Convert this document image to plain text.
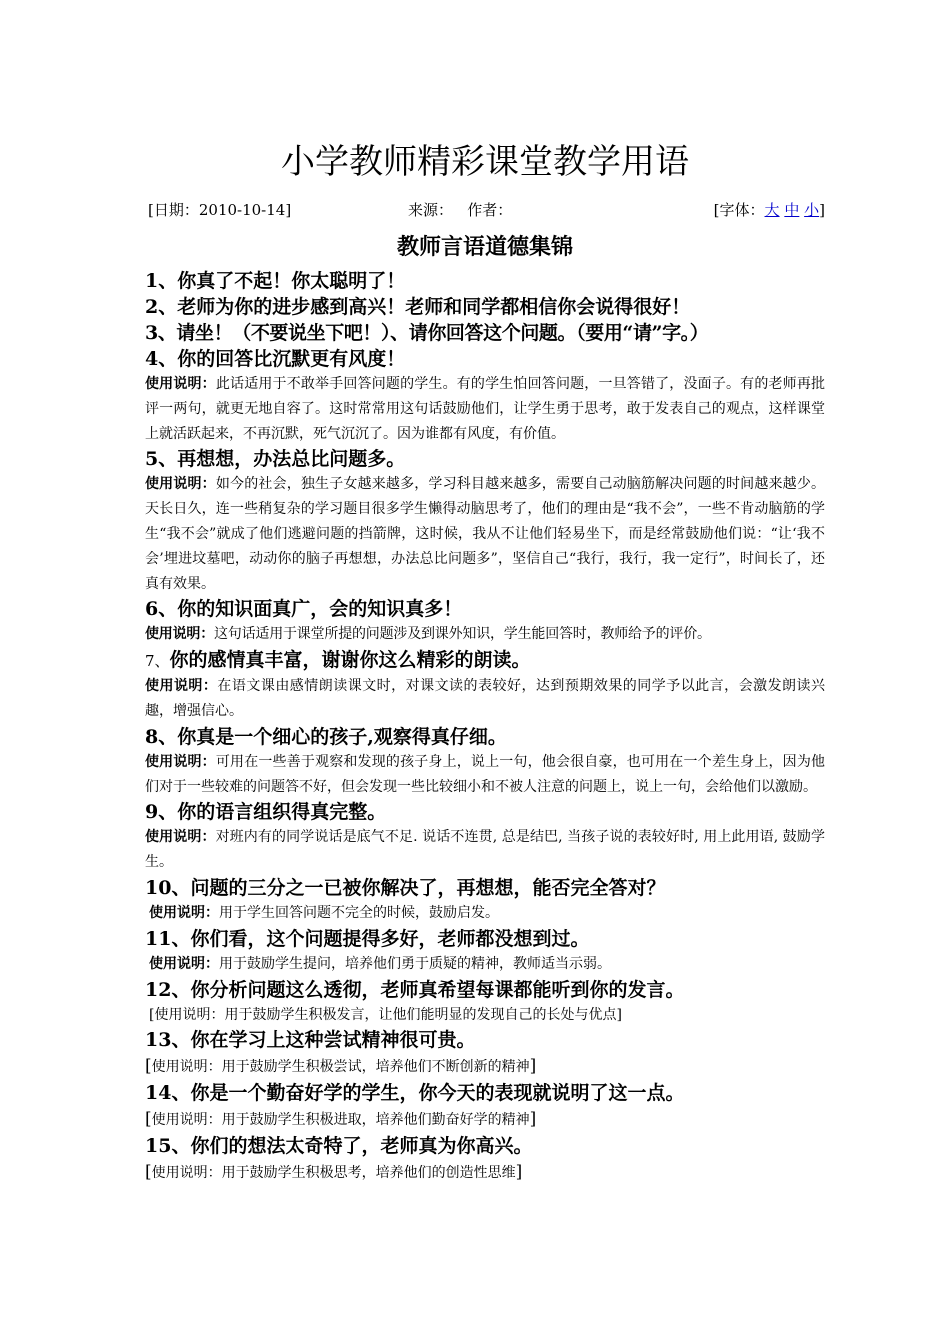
小学教师精彩课堂教学用语
[日期：2010-10-14]	来源：   作者：	[字体：大 中 小]
教师言语道德集锦
1、你真了不起！你太聪明了！
2、老师为你的进步感到高兴！老师和同学都相信你会说得很好！
3、请坐！（不要说坐下吧！）、请你回答这个问题。（要用“请”字。）
4、你的回答比沉默更有风度！
使用说明：此话适用于不敢举手回答问题的学生。有的学生怕回答问题，一旦答错了，没面子。有的老师再批评一两句，就更无地自容了。这时常常用这句话鼓励他们，让学生勇于思考，敢于发表自己的观点，这样课堂上就活跃起来，不再沉默，死气沉沉了。因为谁都有风度，有价值。
5、再想想，办法总比问题多。
使用说明：如今的社会，独生子女越来越多，学习科目越来越多，需要自己动脑筋解决问题的时间越来越少。天长日久，连一些稍复杂的学习题目很多学生懒得动脑思考了，他们的理由是“我不会”，一些不肯动脑筋的学生“我不会”就成了他们逃避问题的挡箭牌，这时候，我从不让他们轻易坐下，而是经常鼓励他们说：“让‘我不会’埋进坟墓吧，动动你的脑子再想想，办法总比问题多”，坚信自己“我行，我行，我一定行”，时间长了，还真有效果。
6、你的知识面真广，会的知识真多！
使用说明：这句话适用于课堂所提的问题涉及到课外知识，学生能回答时，教师给予的评价。
7、你的感情真丰富，谢谢你这么精彩的朗读。
使用说明：在语文课由感情朗读课文时，对课文读的表较好，达到预期效果的同学予以此言，会激发朗读兴趣，增强信心。
8、你真是一个细心的孩子,观察得真仔细。
使用说明：可用在一些善于观察和发现的孩子身上，说上一句，他会很自豪，也可用在一个差生身上，因为他们对于一些较难的问题答不好，但会发现一些比较细小和不被人注意的问题上，说上一句，会给他们以激励。
9、你的语言组织得真完整。
使用说明：对班内有的同学说话是底气不足. 说话不连贯, 总是结巴, 当孩子说的表较好时, 用上此用语, 鼓励学生。
10、问题的三分之一已被你解决了，再想想，能否完全答对？
使用说明：用于学生回答问题不完全的时候，鼓励启发。
11、你们看，这个问题提得多好，老师都没想到过。
使用说明：用于鼓励学生提问，培养他们勇于质疑的精神，教师适当示弱。
12、你分析问题这么透彻，老师真希望每课都能听到你的发言。
[使用说明：用于鼓励学生积极发言，让他们能明显的发现自己的长处与优点]
13、你在学习上这种尝试精神很可贵。
[使用说明：用于鼓励学生积极尝试，培养他们不断创新的精神]
14、你是一个勤奋好学的学生，你今天的表现就说明了这一点。
[使用说明：用于鼓励学生积极进取，培养他们勤奋好学的精神]
15、你们的想法太奇特了，老师真为你高兴。
[使用说明：用于鼓励学生积极思考，培养他们的创造性思维]
